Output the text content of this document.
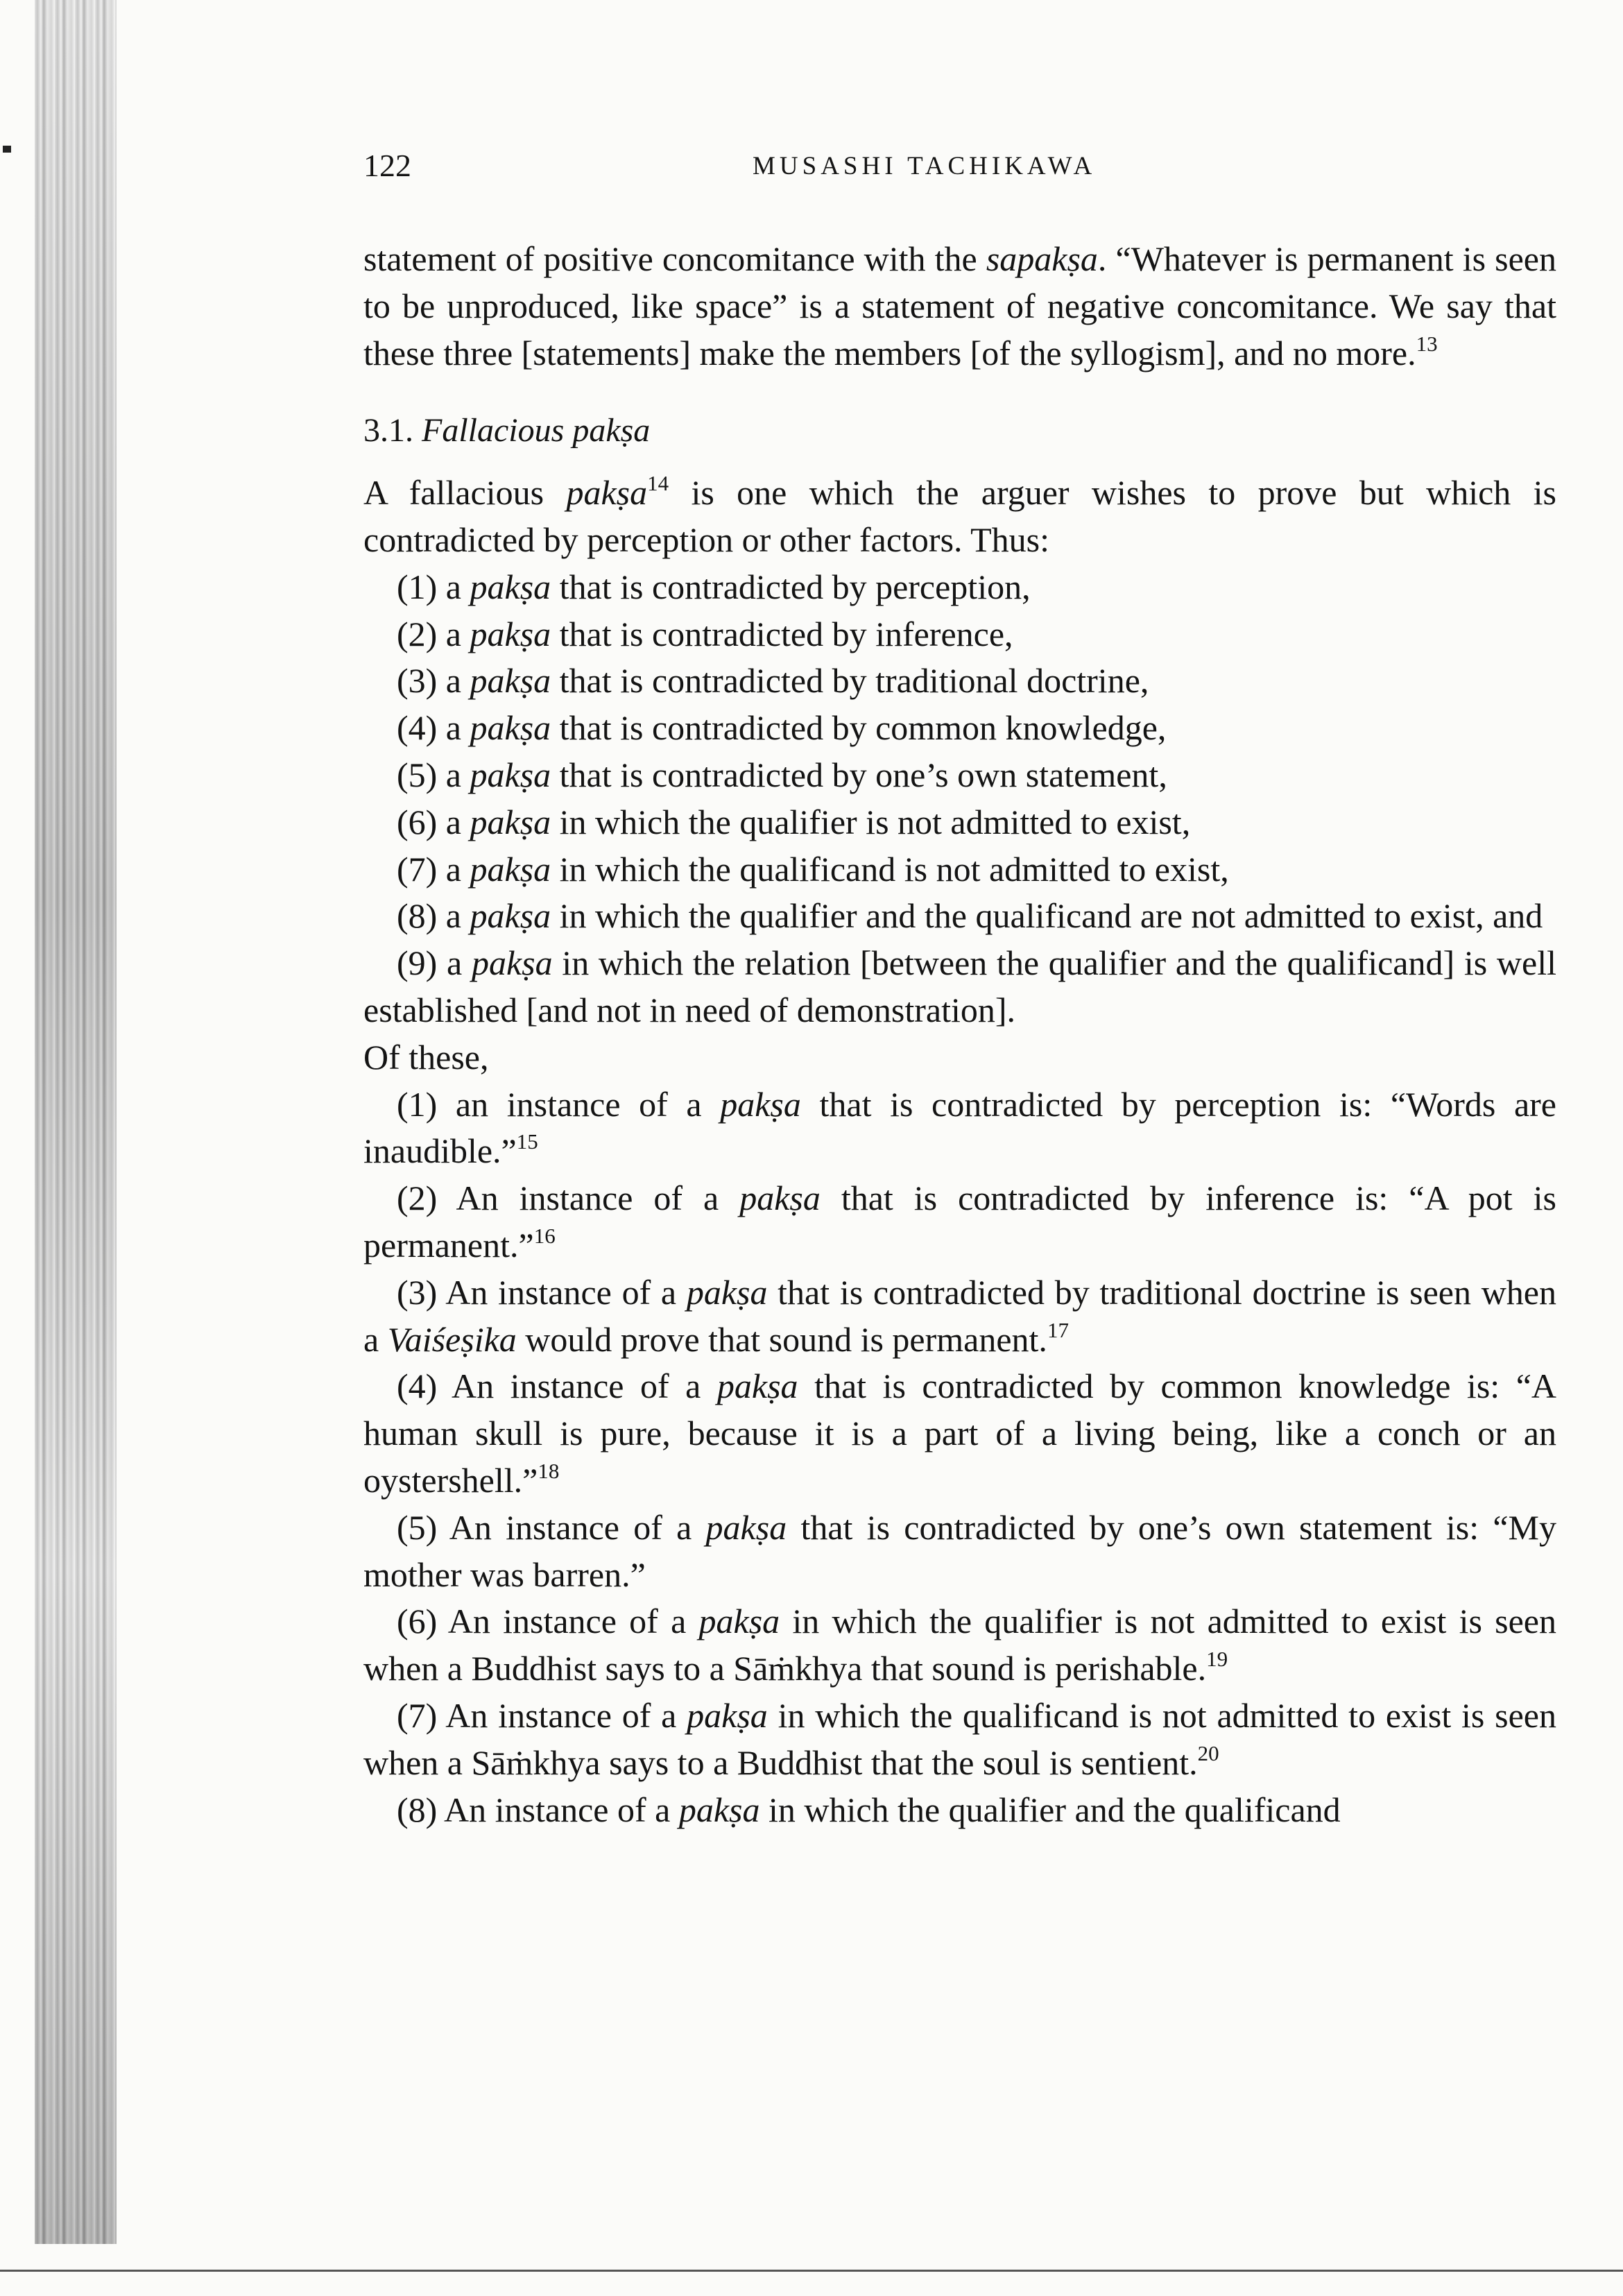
122	MUSASHI TACHIKAWA

statement of positive concomitance with the sapakṣa. “Whatever is permanent is seen to be unproduced, like space” is a statement of negative concomitance. We say that these three [statements] make the members [of the syllogism], and no more.$^{13}$

3.1. Fallacious pakṣa

A fallacious pakṣa$^{14}$ is one which the arguer wishes to prove but which is contradicted by perception or other factors. Thus:

(1) a pakṣa that is contradicted by perception,

(2) a pakṣa that is contradicted by inference,

(3) a pakṣa that is contradicted by traditional doctrine,

(4) a pakṣa that is contradicted by common knowledge,

(5) a pakṣa that is contradicted by one’s own statement,

(6) a pakṣa in which the qualifier is not admitted to exist,

(7) a pakṣa in which the qualificand is not admitted to exist,

(8) a pakṣa in which the qualifier and the qualificand are not admitted to exist, and

(9) a pakṣa in which the relation [between the qualifier and the qualificand] is well established [and not in need of demonstration].

Of these,

(1) an instance of a pakṣa that is contradicted by perception is: “Words are inaudible.”$^{15}$

(2) An instance of a pakṣa that is contradicted by inference is: “A pot is permanent.”$^{16}$

(3) An instance of a pakṣa that is contradicted by traditional doctrine is seen when a Vaiśeṣika would prove that sound is permanent.$^{17}$

(4) An instance of a pakṣa that is contradicted by common knowledge is: “A human skull is pure, because it is a part of a living being, like a conch or an oystershell.”$^{18}$

(5) An instance of a pakṣa that is contradicted by one’s own statement is: “My mother was barren.”

(6) An instance of a pakṣa in which the qualifier is not admitted to exist is seen when a Buddhist says to a Sāṁkhya that sound is perishable.$^{19}$

(7) An instance of a pakṣa in which the qualificand is not admitted to exist is seen when a Sāṁkhya says to a Buddhist that the soul is sentient.$^{20}$

(8) An instance of a pakṣa in which the qualifier and the qualificand
